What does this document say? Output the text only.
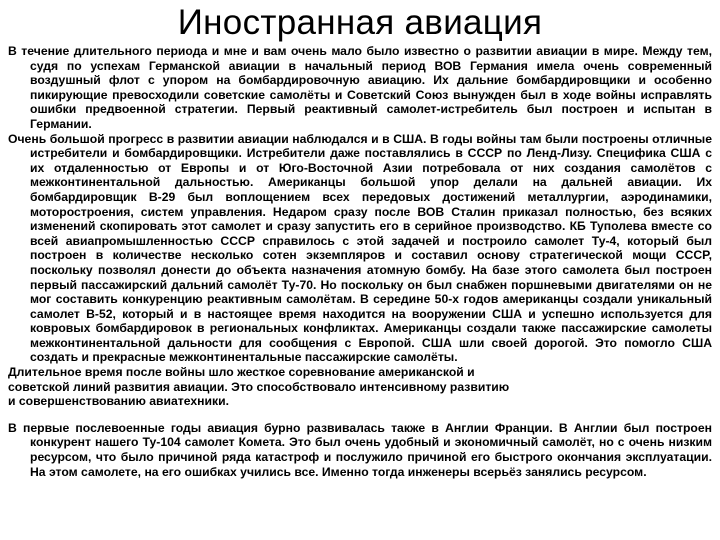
Иностранная авиация

В течение длительного периода и мне и вам очень мало было известно о развитии авиации в мире. Между тем, судя по успехам Германской авиации в начальный период ВОВ Германия имела очень современный воздушный флот с упором на бомбардировочную авиацию. Их дальние бомбардировщики и особенно пикирующие превосходили советские самолёты и Советский Союз вынужден был в ходе войны исправлять ошибки предвоенной стратегии. Первый реактивный самолет-истребитель был построен и испытан в Германии.

Очень большой прогресс в развитии авиации наблюдался и в США. В годы войны там были построены отличные истребители и бомбардировщики. Истребители даже поставлялись в СССР по Ленд-Лизу. Специфика США с их отдаленностью от Европы и от Юго-Восточной Азии потребовала от них создания самолётов с межконтинентальной дальностью. Американцы большой упор делали на дальней авиации. Их бомбардировщик В-29 был воплощением всех передовых достижений металлургии, аэродинамики, моторостроения, систем управления. Недаром сразу после ВОВ Сталин приказал полностью, без всяких изменений скопировать этот самолет и сразу запустить его в серийное производство. КБ Туполева вместе со всей авиапромышленностью СССР справилось с этой задачей и построило самолет Ту-4, который был построен в количестве несколько сотен экземпляров и составил основу стратегической мощи СССР, поскольку позволял донести до объекта назначения атомную бомбу. На базе этого самолета был построен первый пассажирский дальний самолёт Ту-70. Но поскольку он был снабжен поршневыми двигателями он не мог составить конкуренцию реактивным самолётам. В середине 50-х годов американцы создали уникальный самолет В-52, который и в настоящее время находится на вооружении США и успешно используется для ковровых бомбардировок в региональных конфликтах. Американцы создали также пассажирские самолеты межконтинентальной дальности для сообщения с Европой. США шли своей дорогой. Это помогло США создать и прекрасные межконтинентальные пассажирские самолёты.

Длительное время после войны шло жесткое соревнование американской и

советской линий развития авиации. Это способствовало интенсивному развитию

и совершенствованию авиатехники.

В первые послевоенные годы авиация бурно развивалась также в Англии Франции. В Англии был построен конкурент нашего Ту-104 самолет Комета. Это был очень удобный и экономичный самолёт, но с очень низким ресурсом, что было причиной ряда катастроф и послужило причиной его быстрого окончания эксплуатации. На этом самолете, на его ошибках учились все. Именно тогда инженеры всерьёз занялись ресурсом.
